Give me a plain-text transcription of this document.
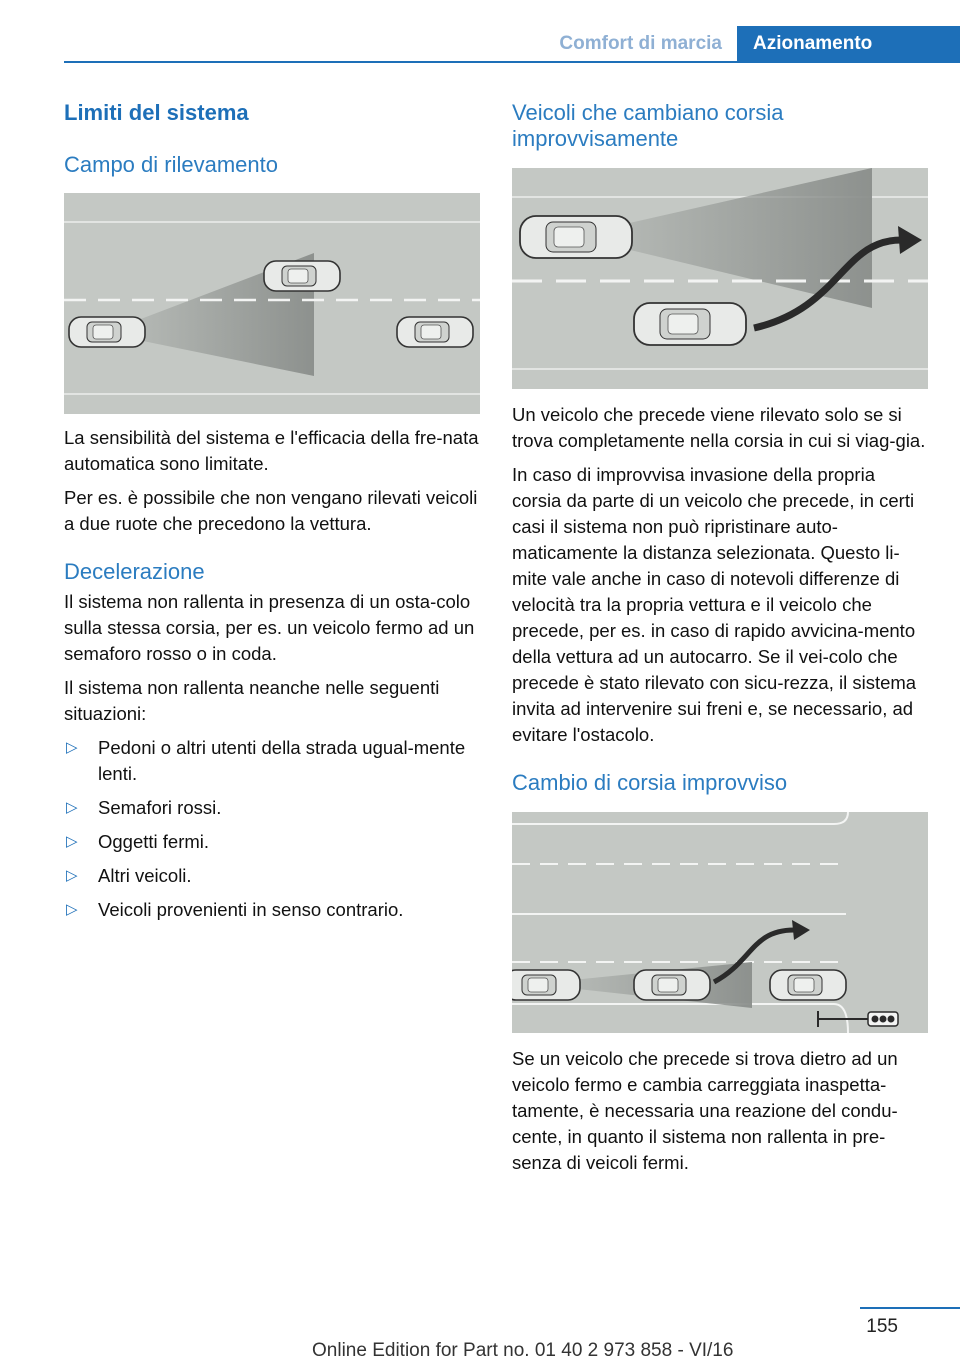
Comfort di marcia	Azionamento
Limiti del sistema
Campo di rilevamento

La sensibilità del sistema e l'efficacia della fre-nata automatica sono limitate.

Per es. è possibile che non vengano rilevati veicoli a due ruote che precedono la vettura.

Decelerazione

Il sistema non rallenta in presenza di un osta-colo sulla stessa corsia, per es. un veicolo fermo ad un semaforo rosso o in coda.

Il sistema non rallenta neanche nelle seguenti situazioni:

▷ Pedoni o altri utenti della strada ugual-mente lenti.
▷ Semafori rossi.
▷ Oggetti fermi.
▷ Altri veicoli.
▷ Veicoli provenienti in senso contrario.
Veicoli che cambiano corsia improvvisamente

Un veicolo che precede viene rilevato solo se si trova completamente nella corsia in cui si viag-gia.

In caso di improvvisa invasione della propria corsia da parte di un veicolo che precede, in certi casi il sistema non può ripristinare auto-maticamente la distanza selezionata. Questo li-mite vale anche in caso di notevoli differenze di velocità tra la propria vettura e il veicolo che precede, per es. in caso di rapido avvicina-mento della vettura ad un autocarro. Se il vei-colo che precede è stato rilevato con sicu-rezza, il sistema invita ad intervenire sui freni e, se necessario, ad evitare l'ostacolo.

Cambio di corsia improvviso

Se un veicolo che precede si trova dietro ad un veicolo fermo e cambia carreggiata inaspetta-tamente, è necessaria una reazione del condu-cente, in quanto il sistema non rallenta in pre-senza di veicoli fermi.

155
Online Edition for Part no. 01 40 2 973 858 - VI/16
